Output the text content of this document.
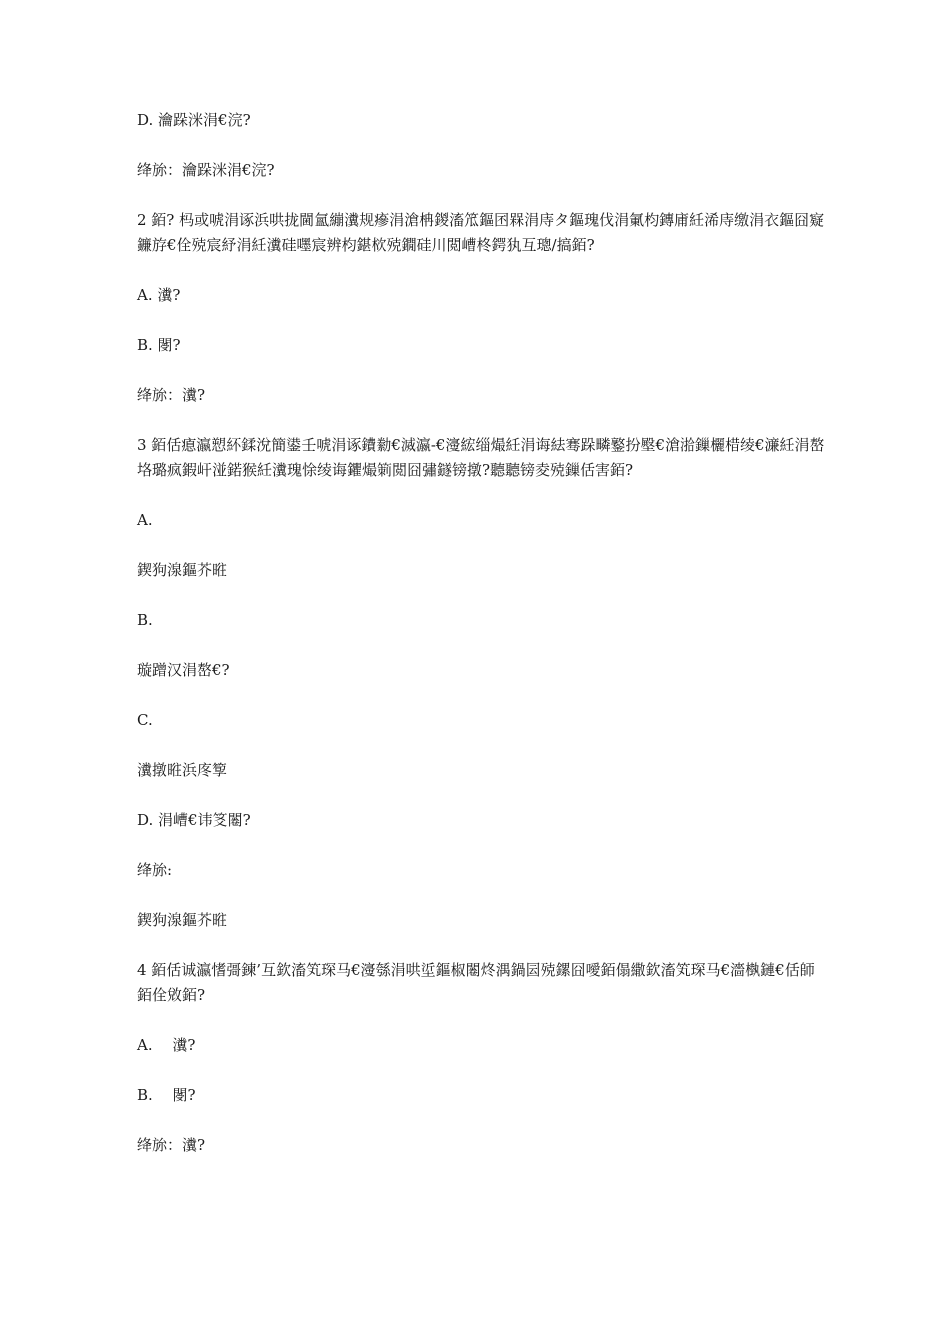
D. 瀹跺洣涓€浣?

绛旀：瀹跺洣涓€浣?

2 銆? 杩或唬涓诼浜哄拢閫氳繃瀵规瘮涓滄柟鍐滀笟鏂囨槑涓庤タ鏂瑰伐涓氭枃鏄庯紝浠庤缴涓衣鏂囧寲鐮斿€佺殑宸紓涓紝瀵硅嚜宸辨枃鍖栨殑鐗硅川閲嶆柊鍔犱互璁/搞銆?

A. 瀵?

B. 閿?

绛旀：瀵?

3 銆佸瘜瀛愬紑鍒涗簡鍙壬唬涓诼鐨勬€滅瀛-€濅綋缁熶紝涓诲紶骞跺疄鐜扮壂€滄湁鏁欐棤绫€濓紝涓嶅垎璐疯鍜屽湴鍩猴紝瀵瑰悇绫诲鑺熶箣閲囧彇鐩镑撴?聽聽镑夌殑鏁佸害銆?

A.

鍥狗湶鏂芥暀

B.

璇蹭汉涓嶅€?

C.

瀵撴暀浜庝箰

D. 涓嶆€讳笅闂?

绛旀:

鍥狗湶鏂芥暀

4 銆佸诚瀛愭彁鍊’互欽滀笂琛马€濅綔涓哄垽鏂椒闂炵湡鍋囩殑鏍囧噯銆傝繖欽滀笂琛马€濇槸鏈€佸師銆佺敓銆?

A.　 瀵?

B.　 閿?

绛旀：瀵?
